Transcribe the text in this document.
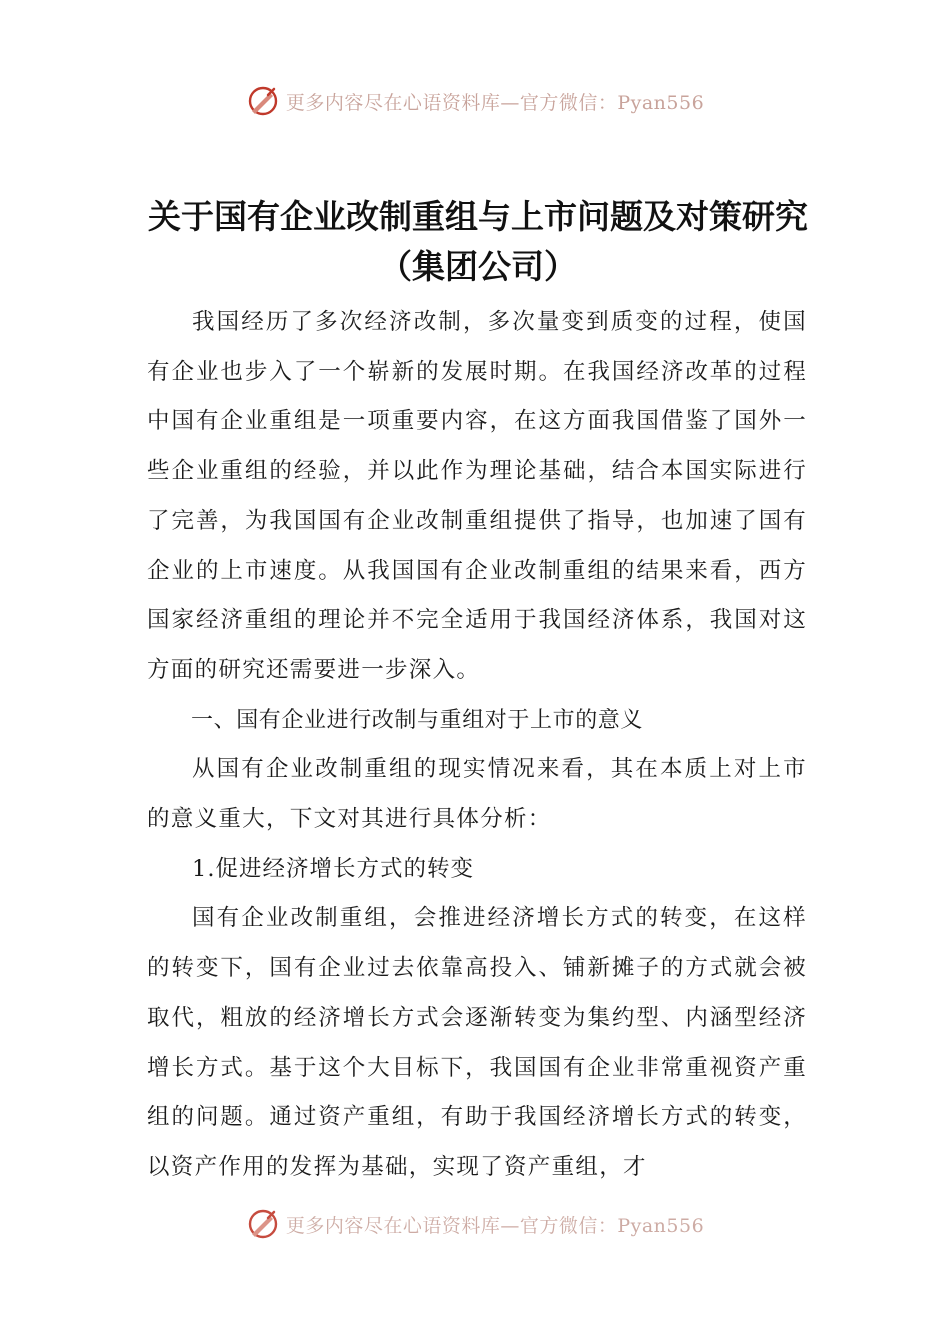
更多内容尽在心语资料库—官方微信：Pyan556
关于国有企业改制重组与上市问题及对策研究（集团公司）

我国经历了多次经济改制，多次量变到质变的过程，使国有企业也步入了一个崭新的发展时期。在我国经济改革的过程中国有企业重组是一项重要内容，在这方面我国借鉴了国外一些企业重组的经验，并以此作为理论基础，结合本国实际进行了完善，为我国国有企业改制重组提供了指导，也加速了国有企业的上市速度。从我国国有企业改制重组的结果来看，西方国家经济重组的理论并不完全适用于我国经济体系，我国对这方面的研究还需要进一步深入。

一、国有企业进行改制与重组对于上市的意义

从国有企业改制重组的现实情况来看，其在本质上对上市的意义重大，下文对其进行具体分析：

1.促进经济增长方式的转变

国有企业改制重组，会推进经济增长方式的转变，在这样的转变下，国有企业过去依靠高投入、铺新摊子的方式就会被取代，粗放的经济增长方式会逐渐转变为集约型、内涵型经济增长方式。基于这个大目标下，我国国有企业非常重视资产重组的问题。通过资产重组，有助于我国经济增长方式的转变，以资产作用的发挥为基础，实现了资产重组，才

更多内容尽在心语资料库—官方微信：Pyan556
